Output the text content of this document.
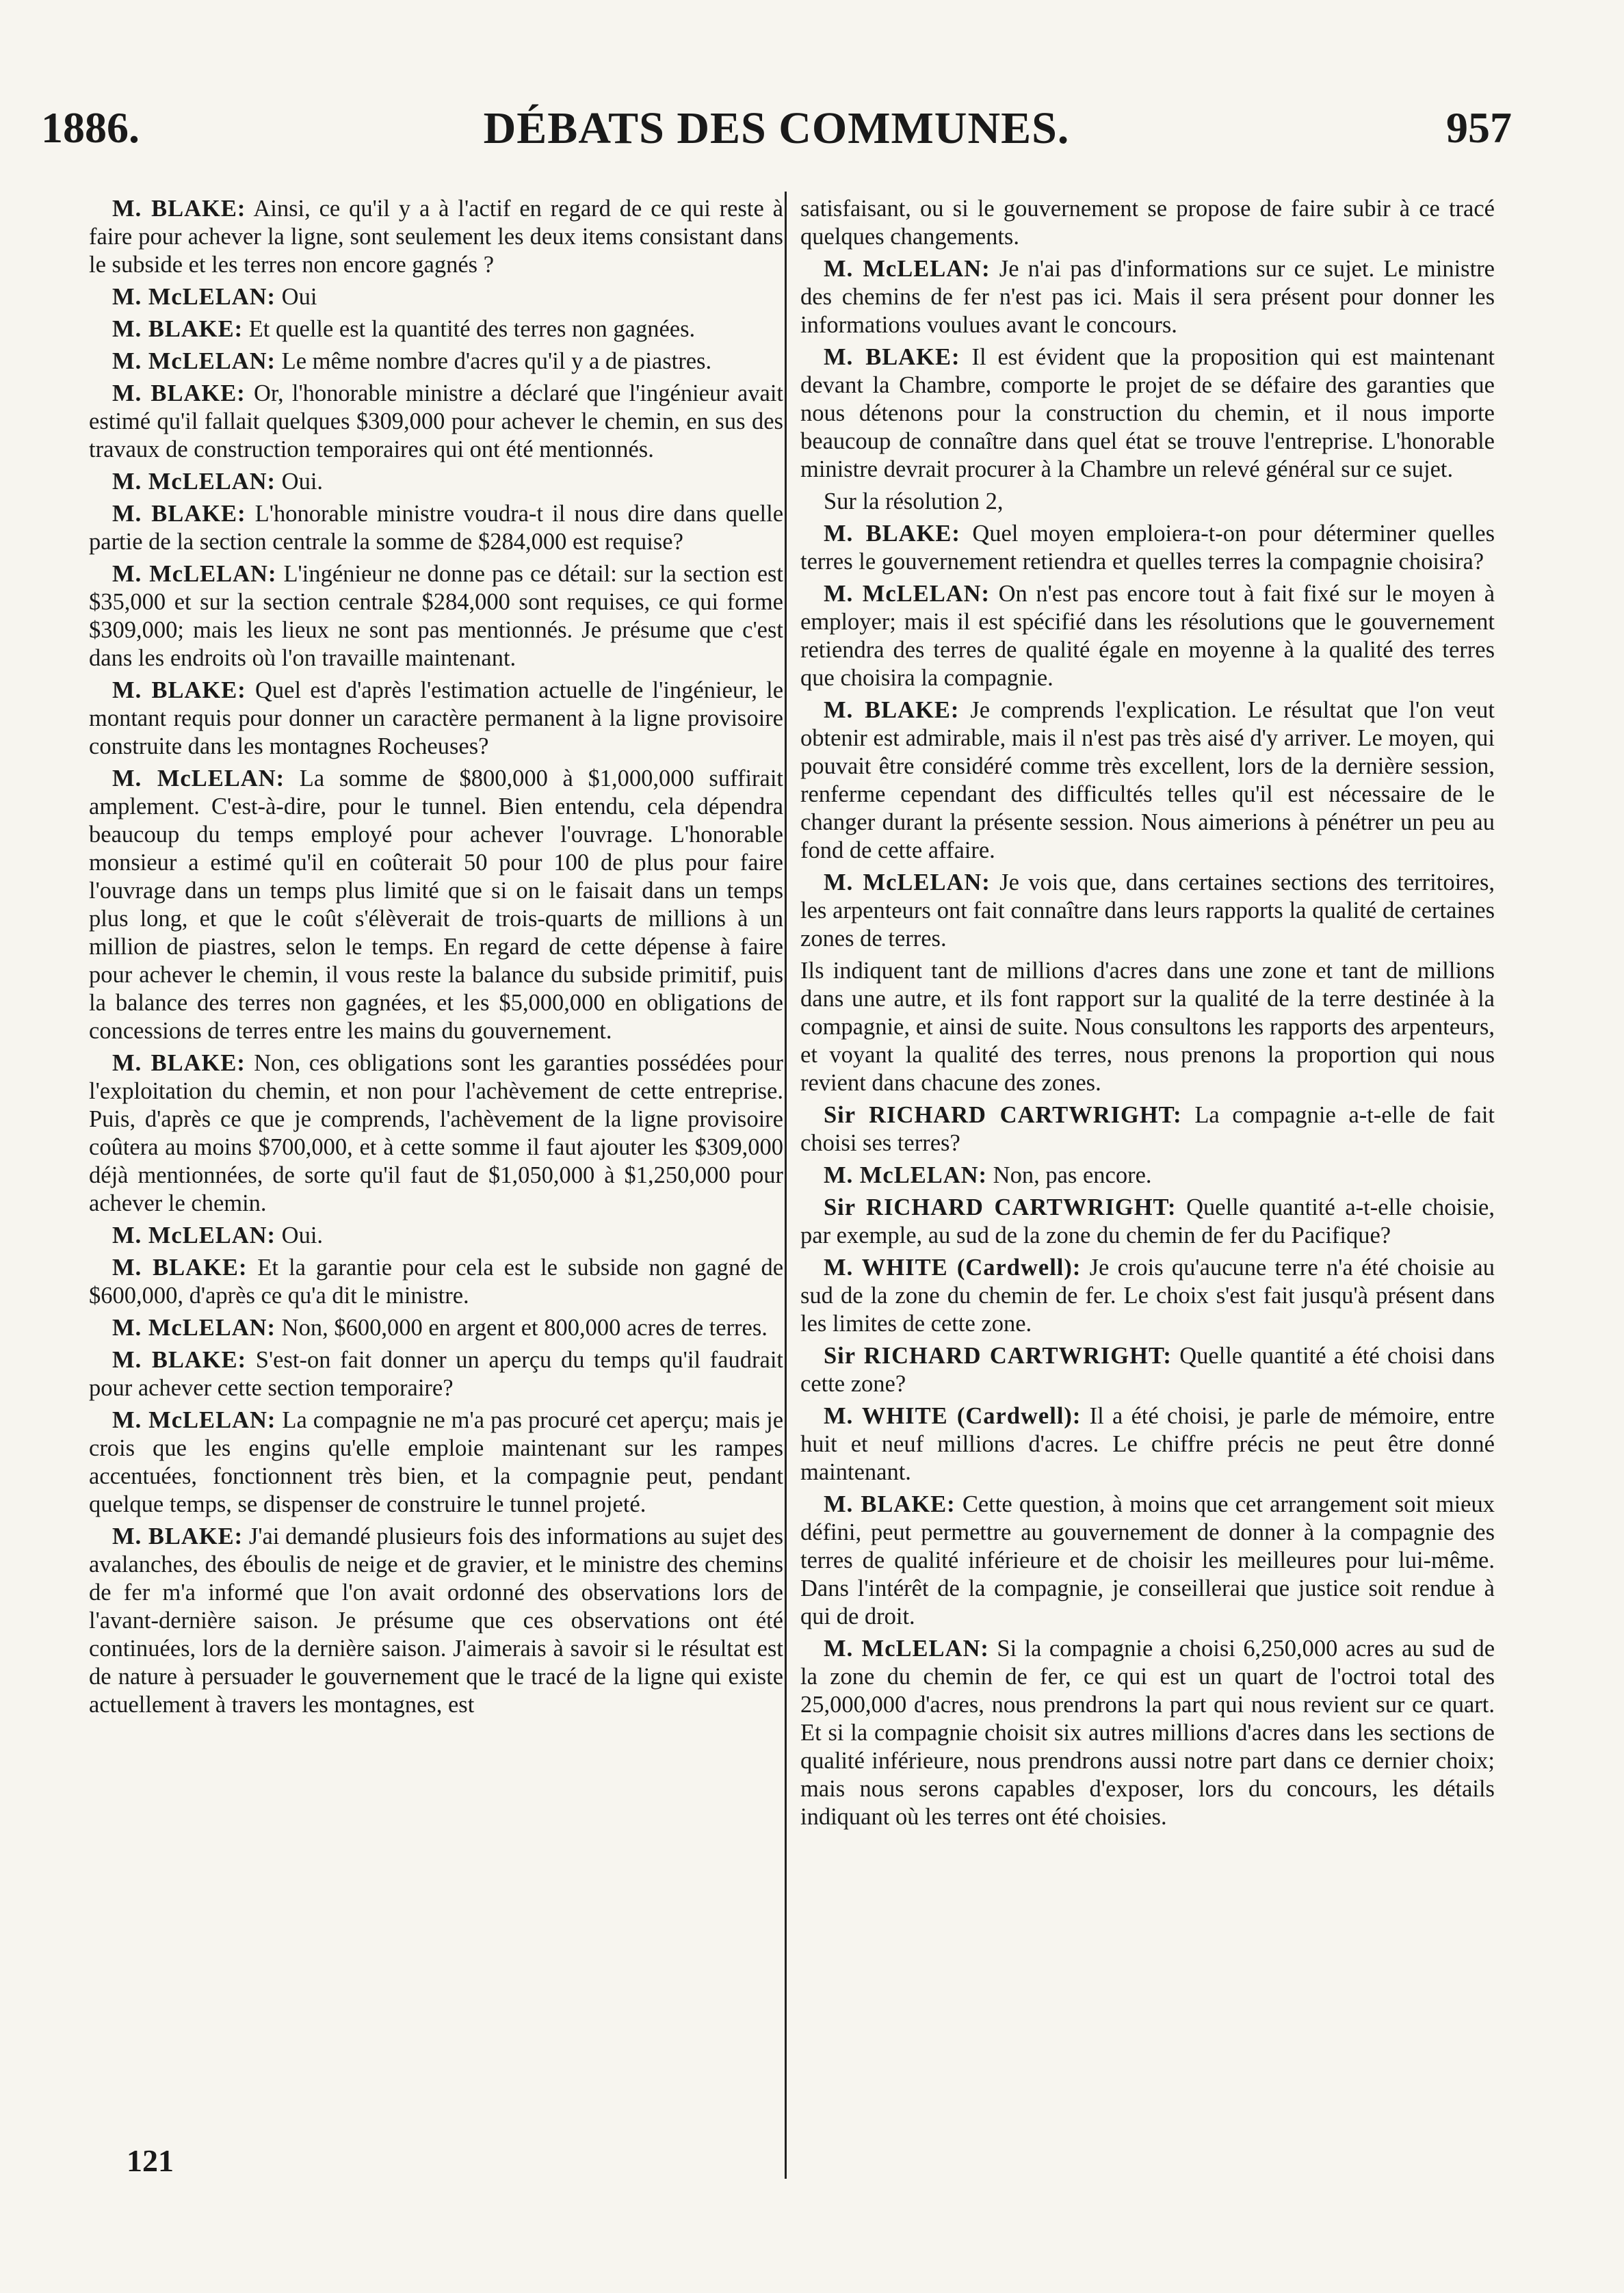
1886.	DÉBATS DES COMMUNES.	957

M. BLAKE: Ainsi, ce qu'il y a à l'actif en regard de ce qui reste à faire pour achever la ligne, sont seulement les deux items consistant dans le subside et les terres non encore gagnés ?

M. McLELAN: Oui

M. BLAKE: Et quelle est la quantité des terres non gagnées.

M. McLELAN: Le même nombre d'acres qu'il y a de piastres.

M. BLAKE: Or, l'honorable ministre a déclaré que l'ingénieur avait estimé qu'il fallait quelques $309,000 pour achever le chemin, en sus des travaux de construction temporaires qui ont été mentionnés.

M. McLELAN: Oui.

M. BLAKE: L'honorable ministre voudra-t il nous dire dans quelle partie de la section centrale la somme de $284,000 est requise?

M. McLELAN: L'ingénieur ne donne pas ce détail: sur la section est $35,000 et sur la section centrale $284,000 sont requises, ce qui forme $309,000; mais les lieux ne sont pas mentionnés. Je présume que c'est dans les endroits où l'on travaille maintenant.

M. BLAKE: Quel est d'après l'estimation actuelle de l'ingénieur, le montant requis pour donner un caractère permanent à la ligne provisoire construite dans les montagnes Rocheuses?

M. McLELAN: La somme de $800,000 à $1,000,000 suffirait amplement. C'est-à-dire, pour le tunnel. Bien entendu, cela dépendra beaucoup du temps employé pour achever l'ouvrage. L'honorable monsieur a estimé qu'il en coûterait 50 pour 100 de plus pour faire l'ouvrage dans un temps plus limité que si on le faisait dans un temps plus long, et que le coût s'élèverait de trois-quarts de millions à un million de piastres, selon le temps. En regard de cette dépense à faire pour achever le chemin, il vous reste la balance du subside primitif, puis la balance des terres non gagnées, et les $5,000,000 en obligations de concessions de terres entre les mains du gouvernement.

M. BLAKE: Non, ces obligations sont les garanties possédées pour l'exploitation du chemin, et non pour l'achèvement de cette entreprise. Puis, d'après ce que je comprends, l'achèvement de la ligne provisoire coûtera au moins $700,000, et à cette somme il faut ajouter les $309,000 déjà mentionnées, de sorte qu'il faut de $1,050,000 à $1,250,000 pour achever le chemin.

M. McLELAN: Oui.

M. BLAKE: Et la garantie pour cela est le subside non gagné de $600,000, d'après ce qu'a dit le ministre.

M. McLELAN: Non, $600,000 en argent et 800,000 acres de terres.

M. BLAKE: S'est-on fait donner un aperçu du temps qu'il faudrait pour achever cette section temporaire?

M. McLELAN: La compagnie ne m'a pas procuré cet aperçu; mais je crois que les engins qu'elle emploie maintenant sur les rampes accentuées, fonctionnent très bien, et la compagnie peut, pendant quelque temps, se dispenser de construire le tunnel projeté.

M. BLAKE: J'ai demandé plusieurs fois des informations au sujet des avalanches, des éboulis de neige et de gravier, et le ministre des chemins de fer m'a informé que l'on avait ordonné des observations lors de l'avant-dernière saison. Je présume que ces observations ont été continuées, lors de la dernière saison. J'aimerais à savoir si le résultat est de nature à persuader le gouvernement que le tracé de la ligne qui existe actuellement à travers les montagnes, est

satisfaisant, ou si le gouvernement se propose de faire subir à ce tracé quelques changements.

M. McLELAN: Je n'ai pas d'informations sur ce sujet. Le ministre des chemins de fer n'est pas ici. Mais il sera présent pour donner les informations voulues avant le concours.

M. BLAKE: Il est évident que la proposition qui est maintenant devant la Chambre, comporte le projet de se défaire des garanties que nous détenons pour la construction du chemin, et il nous importe beaucoup de connaître dans quel état se trouve l'entreprise. L'honorable ministre devrait procurer à la Chambre un relevé général sur ce sujet.

Sur la résolution 2,

M. BLAKE: Quel moyen emploiera-t-on pour déterminer quelles terres le gouvernement retiendra et quelles terres la compagnie choisira?

M. McLELAN: On n'est pas encore tout à fait fixé sur le moyen à employer; mais il est spécifié dans les résolutions que le gouvernement retiendra des terres de qualité égale en moyenne à la qualité des terres que choisira la compagnie.

M. BLAKE: Je comprends l'explication. Le résultat que l'on veut obtenir est admirable, mais il n'est pas très aisé d'y arriver. Le moyen, qui pouvait être considéré comme très excellent, lors de la dernière session, renferme cependant des difficultés telles qu'il est nécessaire de le changer durant la présente session. Nous aimerions à pénétrer un peu au fond de cette affaire.

M. McLELAN: Je vois que, dans certaines sections des territoires, les arpenteurs ont fait connaître dans leurs rapports la qualité de certaines zones de terres.

Ils indiquent tant de millions d'acres dans une zone et tant de millions dans une autre, et ils font rapport sur la qualité de la terre destinée à la compagnie, et ainsi de suite. Nous consultons les rapports des arpenteurs, et voyant la qualité des terres, nous prenons la proportion qui nous revient dans chacune des zones.

Sir RICHARD CARTWRIGHT: La compagnie a-t-elle de fait choisi ses terres?

M. McLELAN: Non, pas encore.

Sir RICHARD CARTWRIGHT: Quelle quantité a-t-elle choisie, par exemple, au sud de la zone du chemin de fer du Pacifique?

M. WHITE (Cardwell): Je crois qu'aucune terre n'a été choisie au sud de la zone du chemin de fer. Le choix s'est fait jusqu'à présent dans les limites de cette zone.

Sir RICHARD CARTWRIGHT: Quelle quantité a été choisi dans cette zone?

M. WHITE (Cardwell): Il a été choisi, je parle de mémoire, entre huit et neuf millions d'acres. Le chiffre précis ne peut être donné maintenant.

M. BLAKE: Cette question, à moins que cet arrangement soit mieux défini, peut permettre au gouvernement de donner à la compagnie des terres de qualité inférieure et de choisir les meilleures pour lui-même. Dans l'intérêt de la compagnie, je conseillerai que justice soit rendue à qui de droit.

M. McLELAN: Si la compagnie a choisi 6,250,000 acres au sud de la zone du chemin de fer, ce qui est un quart de l'octroi total des 25,000,000 d'acres, nous prendrons la part qui nous revient sur ce quart. Et si la compagnie choisit six autres millions d'acres dans les sections de qualité inférieure, nous prendrons aussi notre part dans ce dernier choix; mais nous serons capables d'exposer, lors du concours, les détails indiquant où les terres ont été choisies.

121
